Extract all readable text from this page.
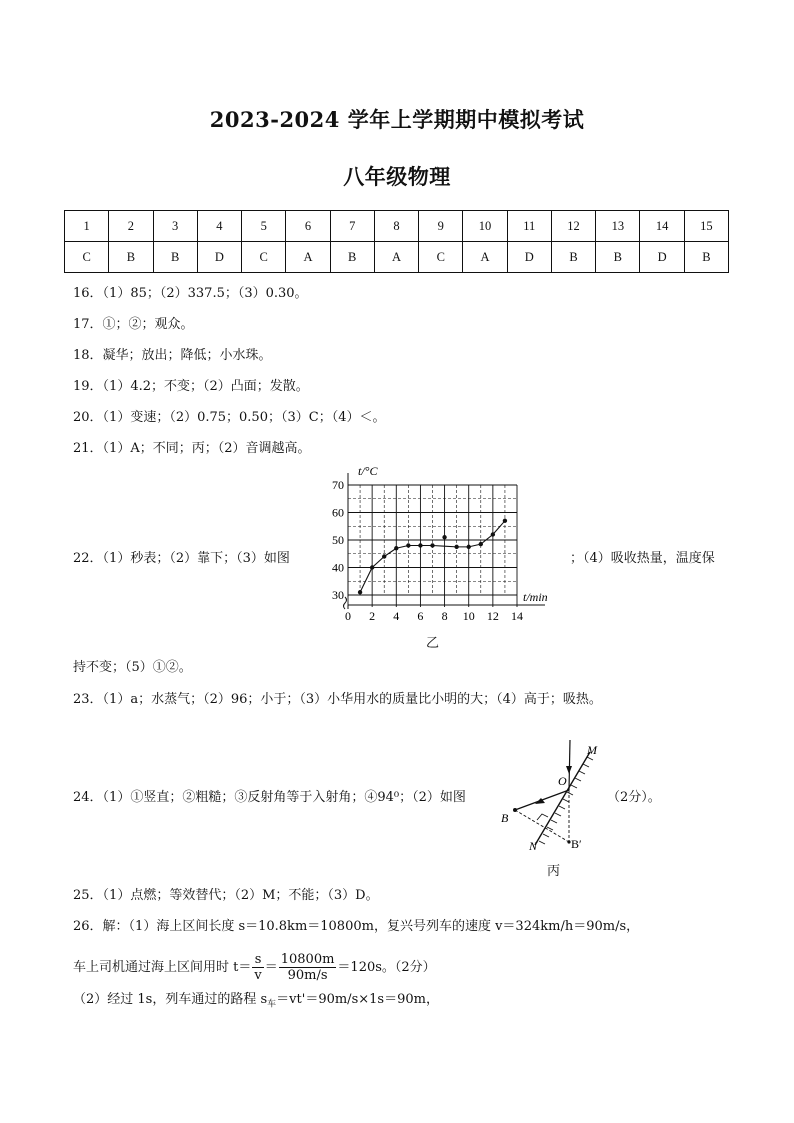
2023-2024 学年上学期期中模拟考试
八年级物理
1	2	3	4	5	6	7	8	9	10	11	12	13	14	15
C	B	B	D	C	A	B	A	C	A	D	B	B	D	B
16．（1）85；（2）337.5；（3）0.30。
17．①；②；观众。
18．凝华；放出；降低；小水珠。
19．（1）4.2；不变；（2）凸面；发散。
20．（1）变速；（2）0.75；0.50；（3）C；（4）＜。
21．（1）A；不同；丙；（2）音调越高。
22．（1）秒表；（2）靠下；（3）如图	；（4）吸收热量，温度保
t/°C
t/min
30
40
50
60
70
0 2 4 6 8 10 12 14
乙
持不变；（5）①②。
23．（1）a；水蒸气；（2）96；小于；（3）小华用水的质量比小明的大；（4）高于；吸热。
24．（1）①竖直；②粗糙；③反射角等于入射角；④94⁰；（2）如图	（2分）。
M
O
B
N	B′
丙
25．（1）点燃；等效替代；（2）M；不能；（3）D。
26．解：（1）海上区间长度 s＝10.8km＝10800m，复兴号列车的速度 v＝324km/h＝90m/s，
车上司机通过海上区间用时 $t= \frac{s}{v} = \frac{10800m}{90m/s} =120s$。（2分）
（2）经过 1s，列车通过的路程 $s_车=vt'=90m/s\times 1s=90m$，
